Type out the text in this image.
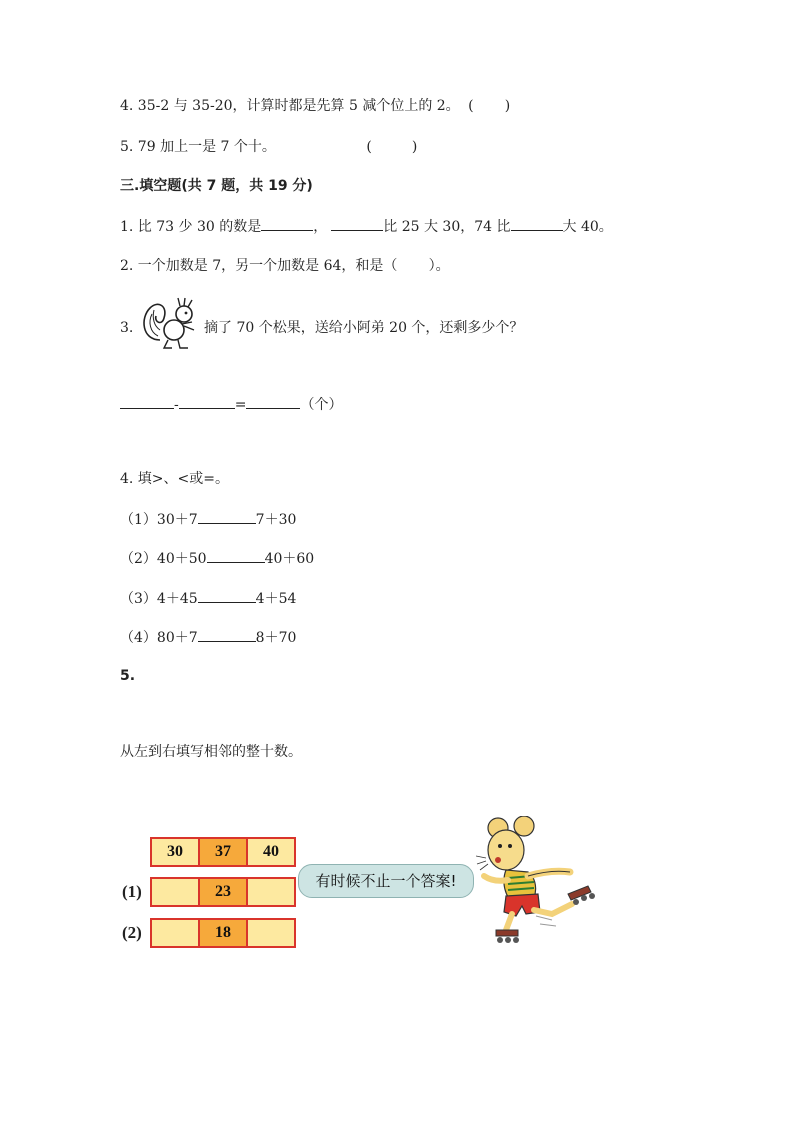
4. 35-2 与 35-20，计算时都是先算 5 减个位上的 2。 (       )
5. 79 加上一是 7 个十。	(         )
三.填空题(共 7 题，共 19 分)
1. 比 73 少 30 的数是	，	比 25 大 30，74 比	大 40。
2. 一个加数是 7，另一个加数是 64，和是（ ）。
3.	摘了 70 个松果，送给小阿弟 20 个，还剩多少个？
-	=	（个）
4. 填>、<或=。
（1）30＋7	7＋30
（2）40＋50	40＋60
（3）4＋45	4＋54
（4）80＋7	8＋70
5.
从左到右填写相邻的整十数。
30	37	40
(1)
		23	
(2)
		18	
有时候不止一个答案!
